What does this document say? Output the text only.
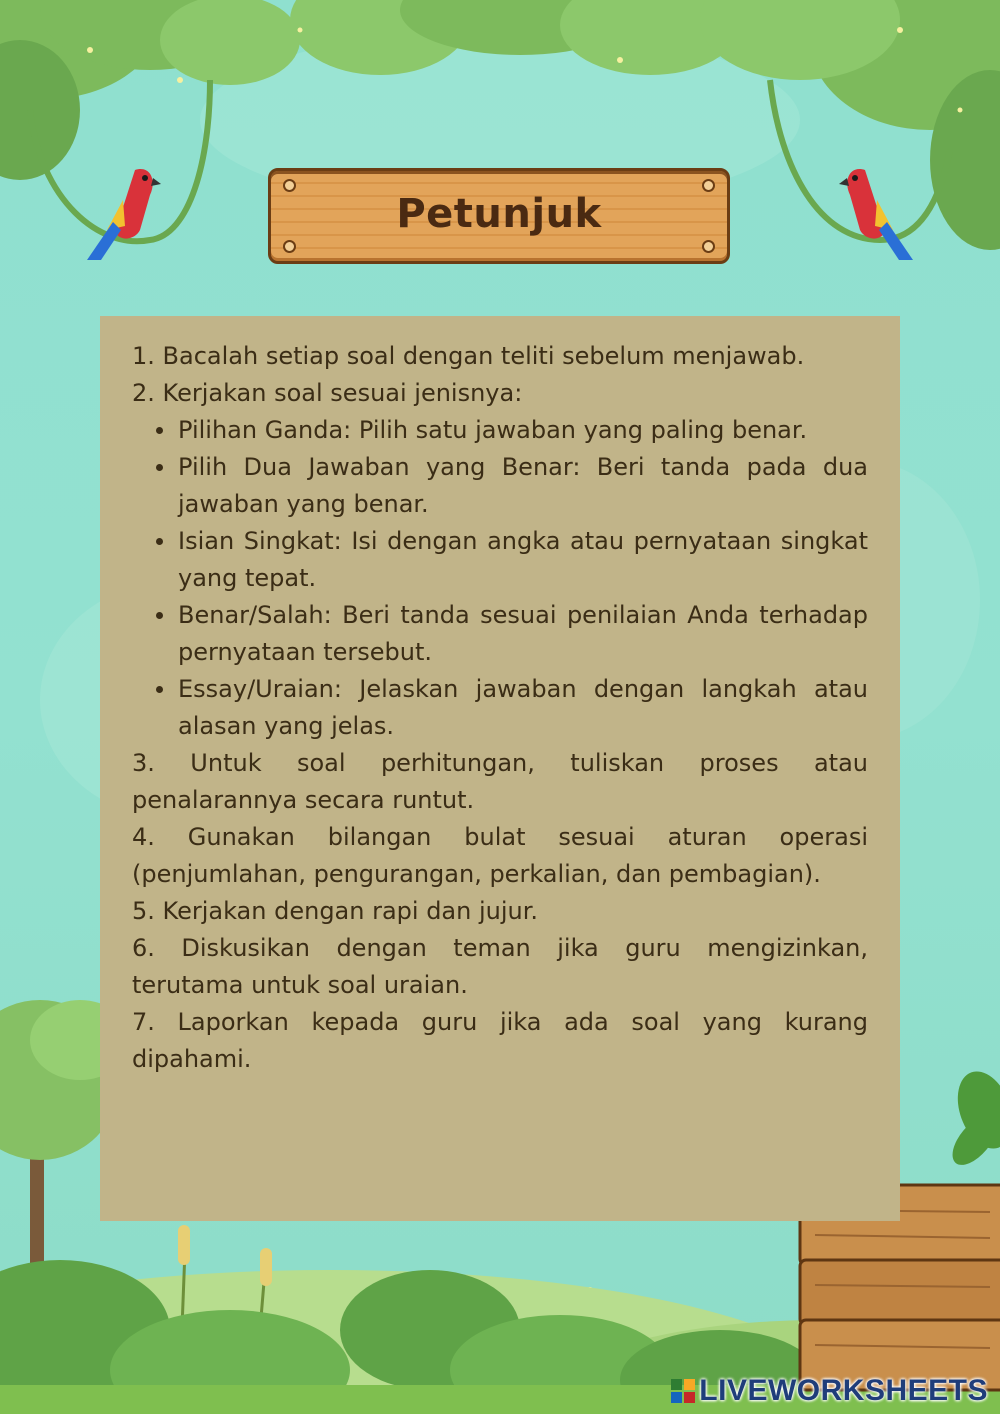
Petunjuk

1. Bacalah setiap soal dengan teliti sebelum menjawab.

2. Kerjakan soal sesuai jenisnya:

Pilihan Ganda: Pilih satu jawaban yang paling benar.
Pilih Dua Jawaban yang Benar: Beri tanda pada dua jawaban yang benar.
Isian Singkat: Isi dengan angka atau pernyataan singkat yang tepat.
Benar/Salah: Beri tanda sesuai penilaian Anda terhadap pernyataan tersebut.
Essay/Uraian: Jelaskan jawaban dengan langkah atau alasan yang jelas.

3. Untuk soal perhitungan, tuliskan proses atau penalarannya secara runtut.

4. Gunakan bilangan bulat sesuai aturan operasi (penjumlahan, pengurangan, perkalian, dan pembagian).

5. Kerjakan dengan rapi dan jujur.

6. Diskusikan dengan teman jika guru mengizinkan, terutama untuk soal uraian.

7. Laporkan kepada guru jika ada soal yang kurang dipahami.

LIVEWORKSHEETS
